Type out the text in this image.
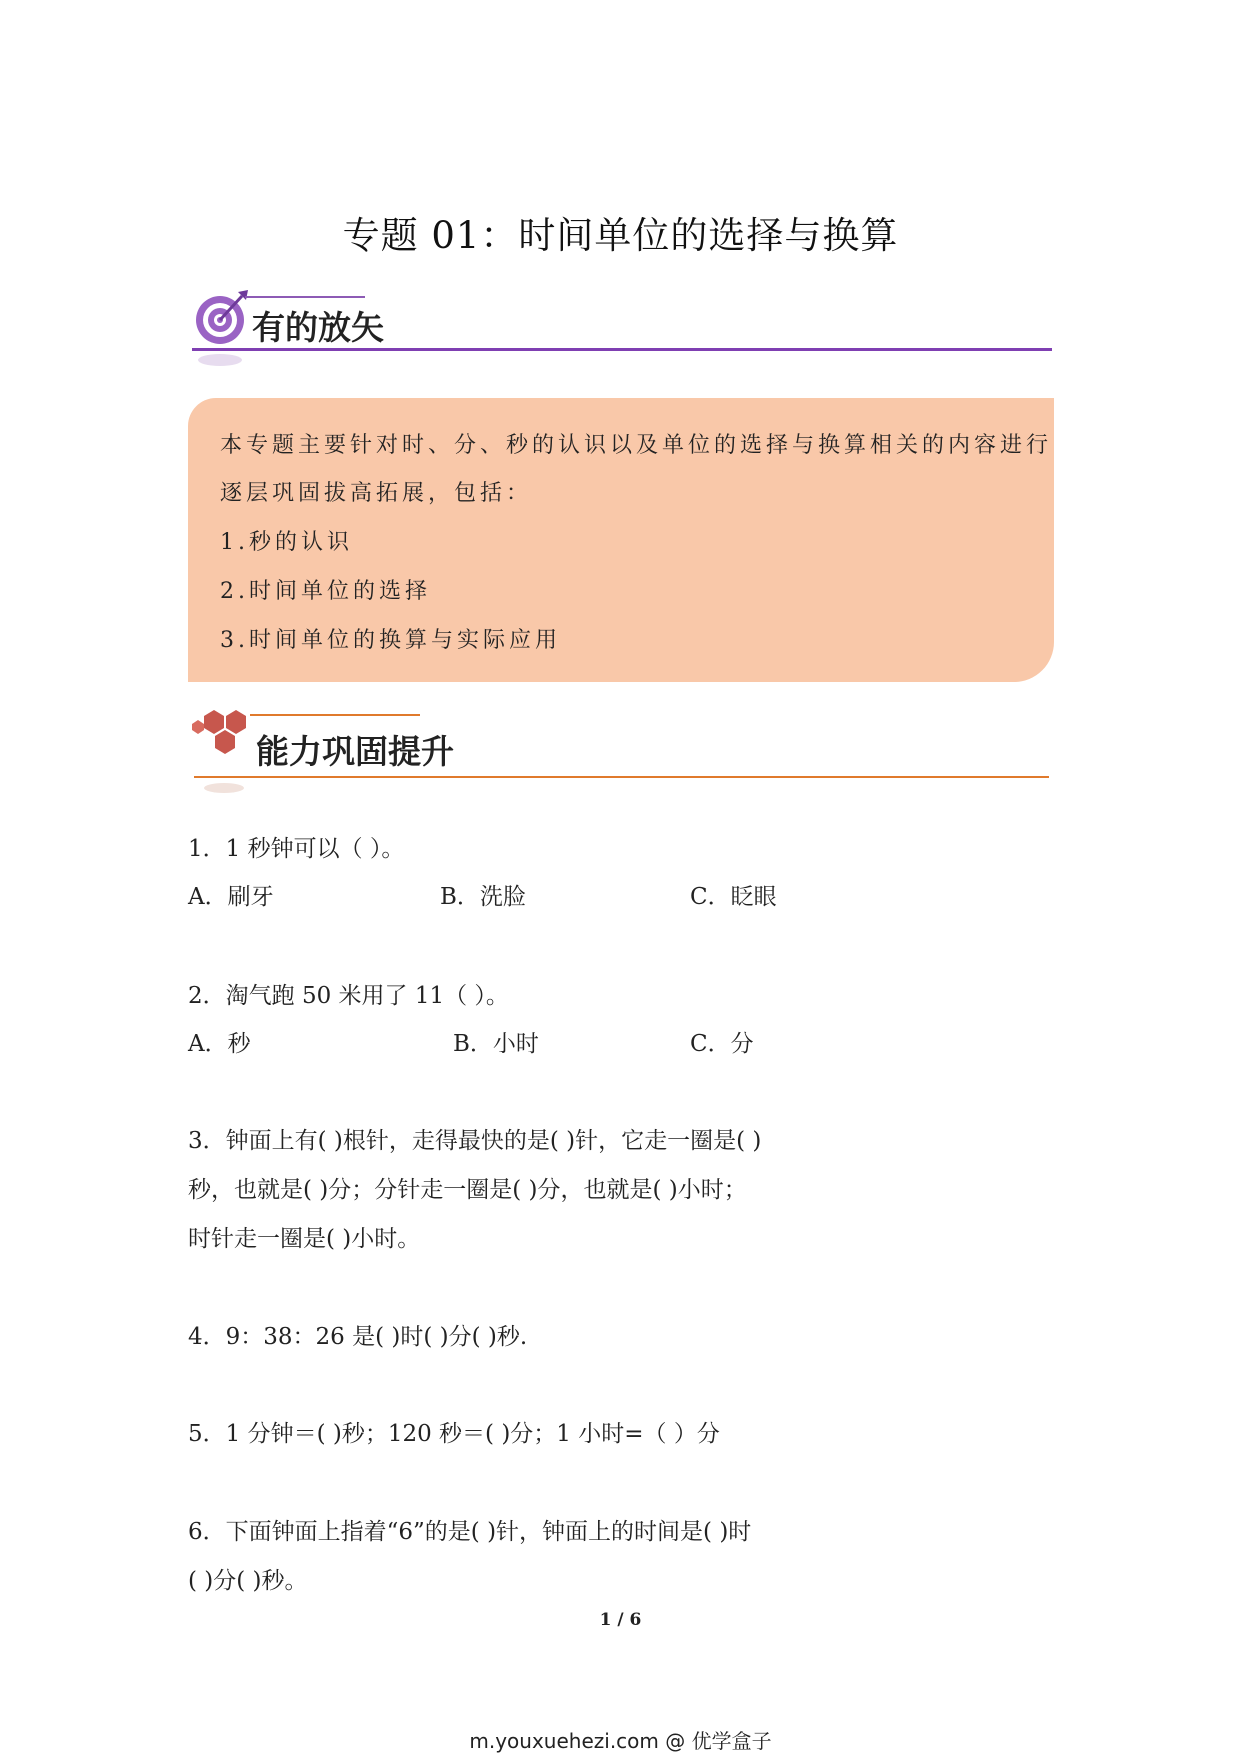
专题 01：时间单位的选择与换算
有的放矢
本专题主要针对时、分、秒的认识以及单位的选择与换算相关的内容进行
逐层巩固拔高拓展，包括：
1.秒的认识
2.时间单位的选择
3.时间单位的换算与实际应用
能力巩固提升
1．1 秒钟可以（ ）。
A．刷牙	B．洗脸	C．眨眼
2．淘气跑 50 米用了 11（ ）。
A．秒	B．小时	C．分
3．钟面上有( )根针，走得最快的是( )针，它走一圈是( )
秒，也就是( )分；分针走一圈是( )分，也就是( )小时；
时针走一圈是( )小时。
4．9：38：26 是( )时( )分( )秒.
5．1 分钟＝( )秒；120 秒＝( )分；1 小时=（ ）分
6．下面钟面上指着“6”的是( )针，钟面上的时间是( )时
( )分( )秒。
1 / 6
m.youxuehezi.com @ 优学盒子
